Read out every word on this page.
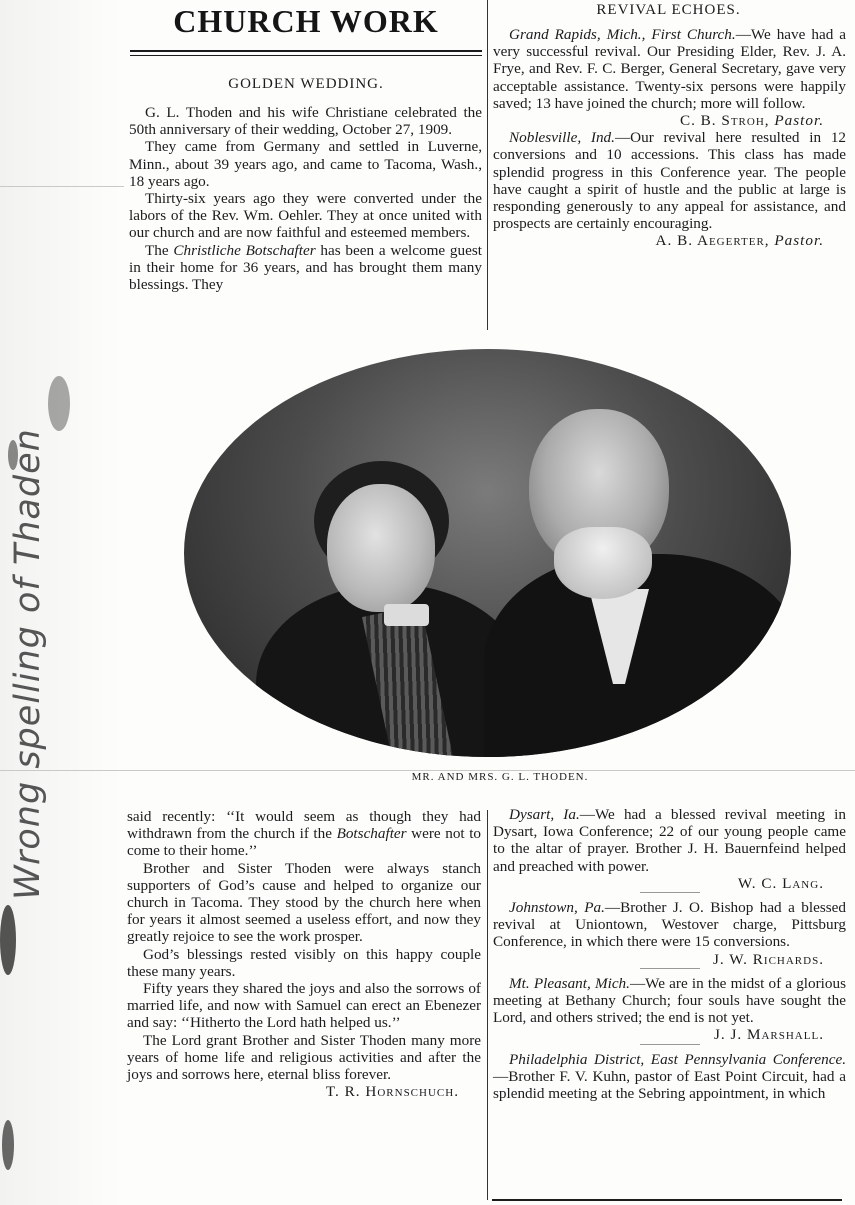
Wrong spelling of Thaden
CHURCH WORK
GOLDEN WEDDING.

G. L. Thoden and his wife Christiane celebrated the 50th anniversary of their wedding, October 27, 1909.

They came from Germany and settled in Luverne, Minn., about 39 years ago, and came to Tacoma, Wash., 18 years ago.

Thirty-six years ago they were converted under the labors of the Rev. Wm. Oehler. They at once united with our church and are now faithful and esteemed members.

The Christliche Botschafter has been a welcome guest in their home for 36 years, and has brought them many blessings. They

REVIVAL ECHOES.

Grand Rapids, Mich., First Church.—We have had a very successful revival. Our Presiding Elder, Rev. J. A. Frye, and Rev. F. C. Berger, General Secretary, gave very acceptable assistance. Twenty-six persons were happily saved; 13 have joined the church; more will follow.

C. B. Stroh, Pastor.

Noblesville, Ind.—Our revival here resulted in 12 conversions and 10 accessions. This class has made splendid progress in this Conference year. The people have caught a spirit of hustle and the public at large is responding generously to any appeal for assistance, and prospects are certainly encouraging.

A. B. Aegerter, Pastor.

MR. AND MRS. G. L. THODEN.

said recently: ‘‘It would seem as though they had withdrawn from the church if the Botschafter were not to come to their home.’’

Brother and Sister Thoden were always stanch supporters of God’s cause and helped to organize our church in Tacoma. They stood by the church here when for years it almost seemed a useless effort, and now they greatly rejoice to see the work prosper.

God’s blessings rested visibly on this happy couple these many years.

Fifty years they shared the joys and also the sorrows of married life, and now with Samuel can erect an Ebenezer and say: ‘‘Hitherto the Lord hath helped us.’’

The Lord grant Brother and Sister Thoden many more years of home life and religious activities and after the joys and sorrows here, eternal bliss forever.

T. R. Hornschuch.

Dysart, Ia.—We had a blessed revival meeting in Dysart, Iowa Conference; 22 of our young people came to the altar of prayer. Brother J. H. Bauernfeind helped and preached with power.

W. C. Lang.

Johnstown, Pa.—Brother J. O. Bishop had a blessed revival at Uniontown, Westover charge, Pittsburg Conference, in which there were 15 conversions.

J. W. Richards.

Mt. Pleasant, Mich.—We are in the midst of a glorious meeting at Bethany Church; four souls have sought the Lord, and others strived; the end is not yet.

J. J. Marshall.

Philadelphia District, East Pennsylvania Conference.—Brother F. V. Kuhn, pastor of East Point Circuit, had a splendid meeting at the Sebring appointment, in which
